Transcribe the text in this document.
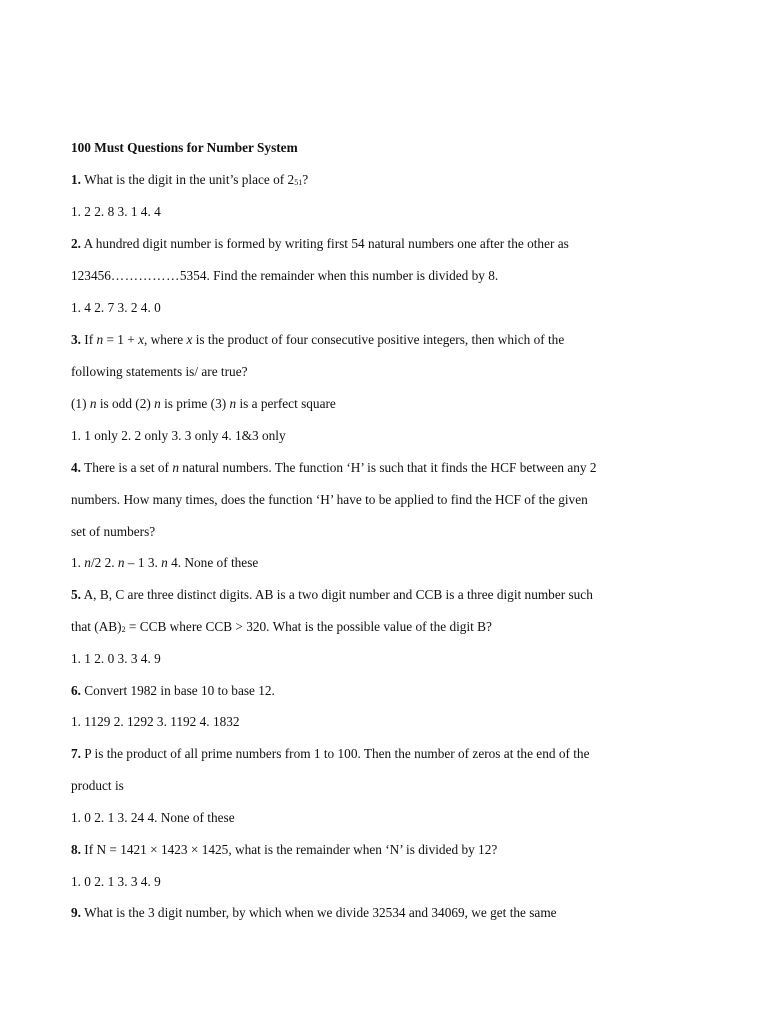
100 Must Questions for Number System
1. What is the digit in the unit’s place of $2_{51}$?
1. 2 2. 8 3. 1 4. 4
2. A hundred digit number is formed by writing first 54 natural numbers one after the other as
123456……………5354. Find the remainder when this number is divided by 8.
1. 4 2. 7 3. 2 4. 0
3. If n = 1 + x, where x is the product of four consecutive positive integers, then which of the
following statements is/ are true?
(1) n is odd (2) n is prime (3) n is a perfect square
1. 1 only 2. 2 only 3. 3 only 4. 1&3 only
4. There is a set of n natural numbers. The function ‘H’ is such that it finds the HCF between any 2
numbers. How many times, does the function ‘H’ have to be applied to find the HCF of the given
set of numbers?
1. n/2 2. n – 1 3. n 4. None of these
5. A, B, C are three distinct digits. AB is a two digit number and CCB is a three digit number such
that $(AB)_2$ = CCB where CCB > 320. What is the possible value of the digit B?
1. 1 2. 0 3. 3 4. 9
6. Convert 1982 in base 10 to base 12.
1. 1129 2. 1292 3. 1192 4. 1832
7. P is the product of all prime numbers from 1 to 100. Then the number of zeros at the end of the
product is
1. 0 2. 1 3. 24 4. None of these
8. If N = 1421 × 1423 × 1425, what is the remainder when ‘N’ is divided by 12?
1. 0 2. 1 3. 3 4. 9
9. What is the 3 digit number, by which when we divide 32534 and 34069, we get the same
